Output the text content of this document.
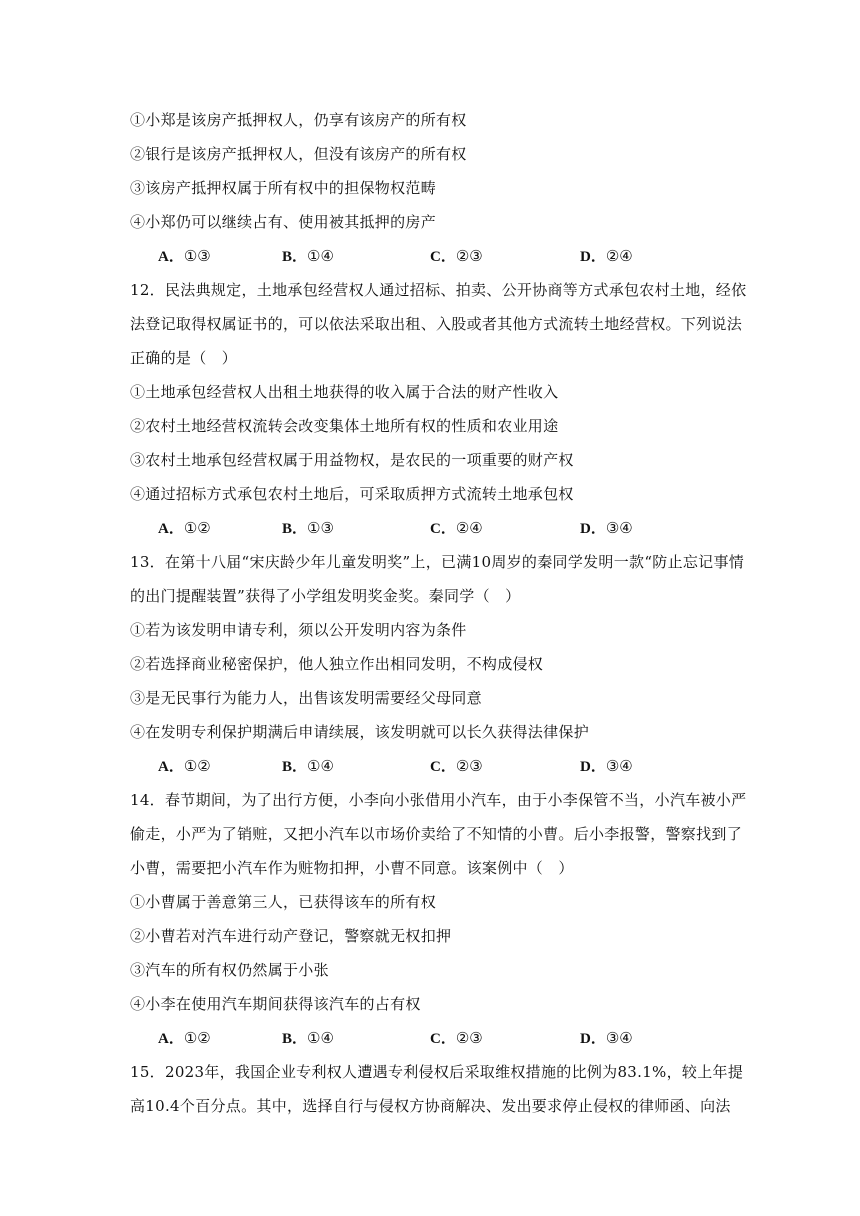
①小郑是该房产抵押权人，仍享有该房产的所有权
②银行是该房产抵押权人，但没有该房产的所有权
③该房产抵押权属于所有权中的担保物权范畴
④小郑仍可以继续占有、使用被其抵押的房产
A．①③	B．①④	C．②③	D．②④
12．民法典规定，土地承包经营权人通过招标、拍卖、公开协商等方式承包农村土地，经依
法登记取得权属证书的，可以依法采取出租、入股或者其他方式流转土地经营权。下列说法
正确的是（　）
①土地承包经营权人出租土地获得的收入属于合法的财产性收入
②农村土地经营权流转会改变集体土地所有权的性质和农业用途
③农村土地承包经营权属于用益物权，是农民的一项重要的财产权
④通过招标方式承包农村土地后，可采取质押方式流转土地承包权
A．①②	B．①③	C．②④	D．③④
13．在第十八届“宋庆龄少年儿童发明奖”上，已满10周岁的秦同学发明一款“防止忘记事情
的出门提醒装置”获得了小学组发明奖金奖。秦同学（　）
①若为该发明申请专利，须以公开发明内容为条件
②若选择商业秘密保护，他人独立作出相同发明，不构成侵权
③是无民事行为能力人，出售该发明需要经父母同意
④在发明专利保护期满后申请续展，该发明就可以长久获得法律保护
A．①②	B．①④	C．②③	D．③④
14．春节期间，为了出行方便，小李向小张借用小汽车，由于小李保管不当，小汽车被小严
偷走，小严为了销赃，又把小汽车以市场价卖给了不知情的小曹。后小李报警，警察找到了
小曹，需要把小汽车作为赃物扣押，小曹不同意。该案例中（　）
①小曹属于善意第三人，已获得该车的所有权
②小曹若对汽车进行动产登记，警察就无权扣押
③汽车的所有权仍然属于小张
④小李在使用汽车期间获得该汽车的占有权
A．①②	B．①④	C．②③	D．③④
15．2023年，我国企业专利权人遭遇专利侵权后采取维权措施的比例为83.1%，较上年提
高10.4个百分点。其中，选择自行与侵权方协商解决、发出要求停止侵权的律师函、向法
